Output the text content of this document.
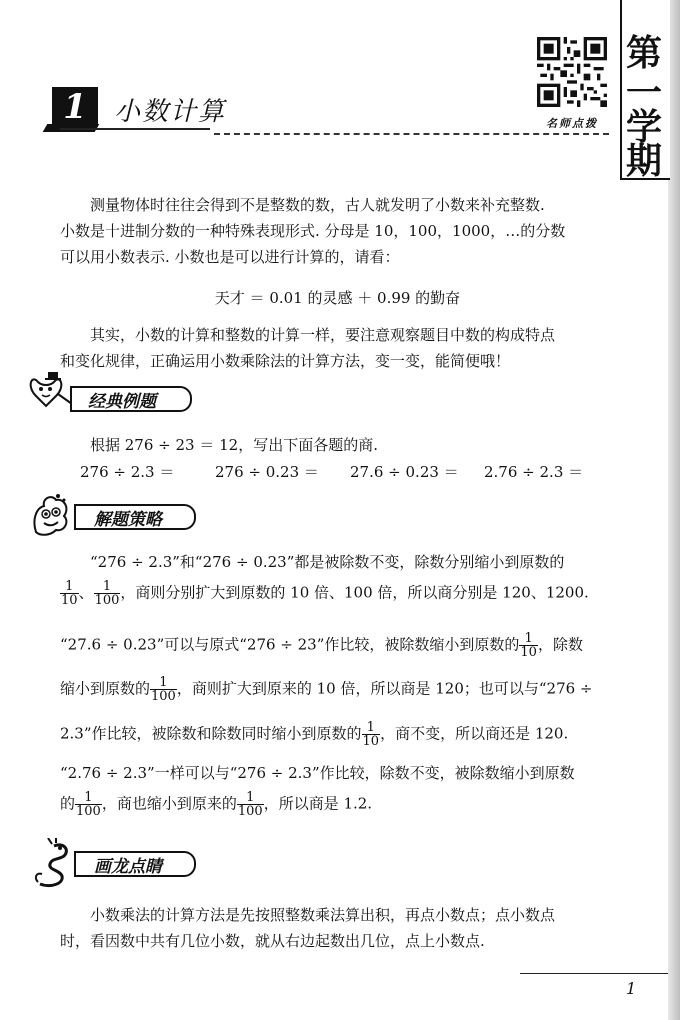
第
一
学
期
名师点拨
1	小数计算
测量物体时往往会得到不是整数的数，古人就发明了小数来补充整数.
小数是十进制分数的一种特殊表现形式. 分母是 10，100，1000，…的分数
可以用小数表示. 小数也是可以进行计算的，请看：
天才 ＝ 0.01 的灵感 ＋ 0.99 的勤奋
其实，小数的计算和整数的计算一样，要注意观察题目中数的构成特点
和变化规律，正确运用小数乘除法的计算方法，变一变，能简便哦！
经典例题
根据 276 ÷ 23 ＝ 12，写出下面各题的商.
276 ÷ 2.3 ＝	276 ÷ 0.23 ＝	27.6 ÷ 0.23 ＝	2.76 ÷ 2.3 ＝
解题策略
“276 ÷ 2.3”和“276 ÷ 0.23”都是被除数不变，除数分别缩小到原数的
$\frac{1}{10}$ 、 $\frac{1}{100}$ ，商则分别扩大到原数的 10 倍、100 倍，所以商分别是 120、1200.
“27.6 ÷ 0.23”可以与原式“276 ÷ 23”作比较，被除数缩小到原数的 $\frac{1}{10}$ ，除数
缩小到原数的 $\frac{1}{100}$ ，商则扩大到原来的 10 倍，所以商是 120；也可以与“276 ÷
2.3”作比较，被除数和除数同时缩小到原数的 $\frac{1}{10}$ ，商不变，所以商还是 120.
“2.76 ÷ 2.3”一样可以与“276 ÷ 2.3”作比较，除数不变，被除数缩小到原数
的 $\frac{1}{100}$ ，商也缩小到原来的 $\frac{1}{100}$ ，所以商是 1.2.
画龙点睛
小数乘法的计算方法是先按照整数乘法算出积，再点小数点；点小数点
时，看因数中共有几位小数，就从右边起数出几位，点上小数点.
1
